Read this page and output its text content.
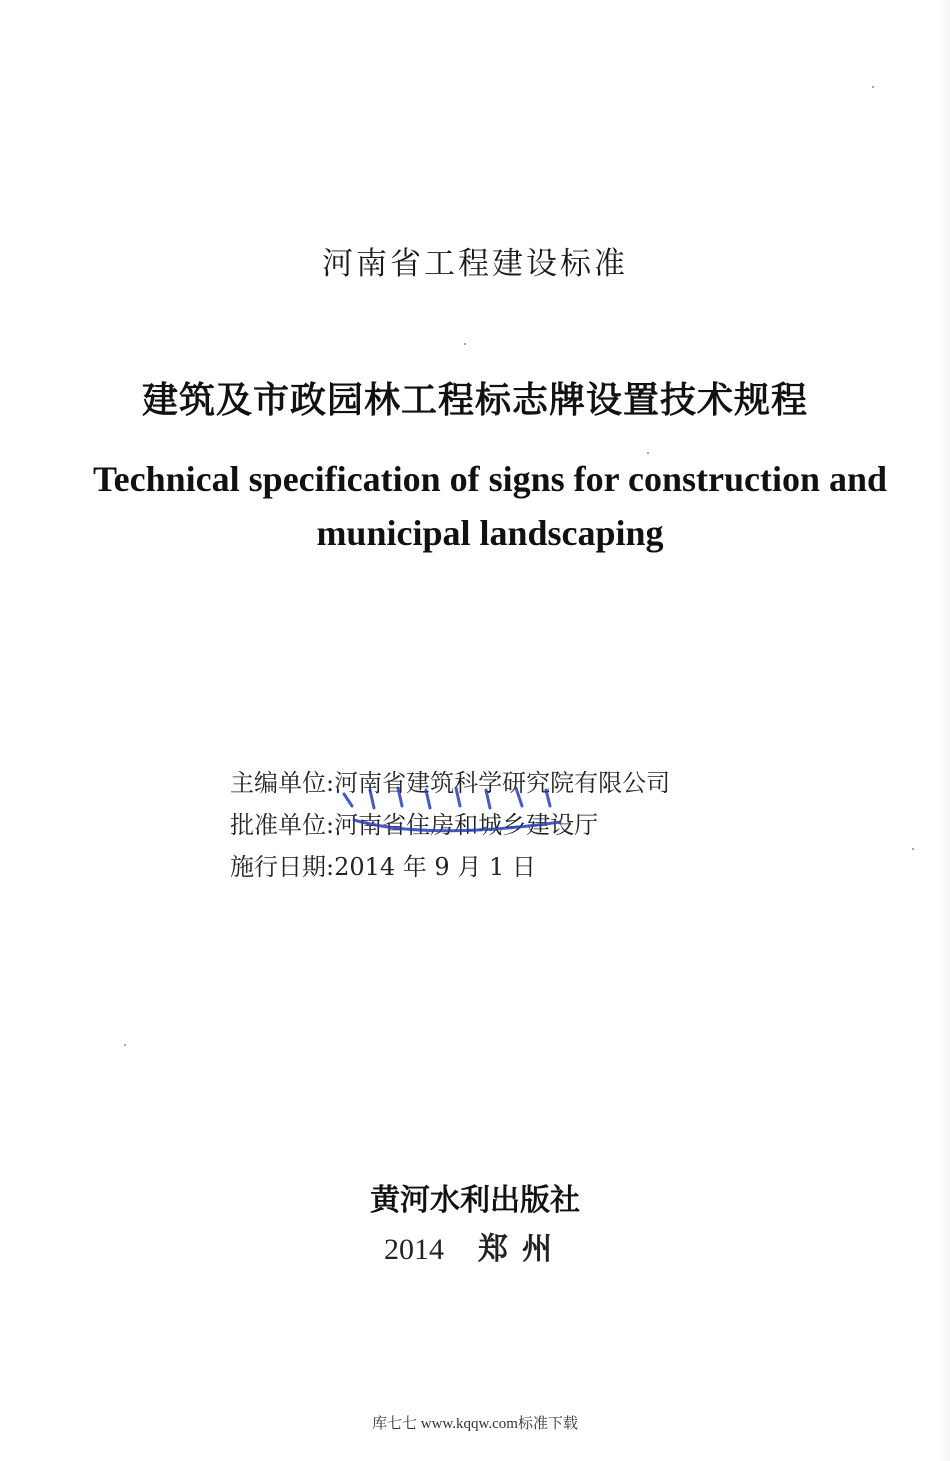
河南省工程建设标准
建筑及市政园林工程标志牌设置技术规程
Technical specification of signs for construction and municipal landscaping
主编单位:河南省建筑科学研究院有限公司
批准单位:河南省住房和城乡建设厅
施行日期:2014 年 9 月 1 日
黄河水利出版社
2014 郑州
库七七 www.kqqw.com标准下载
